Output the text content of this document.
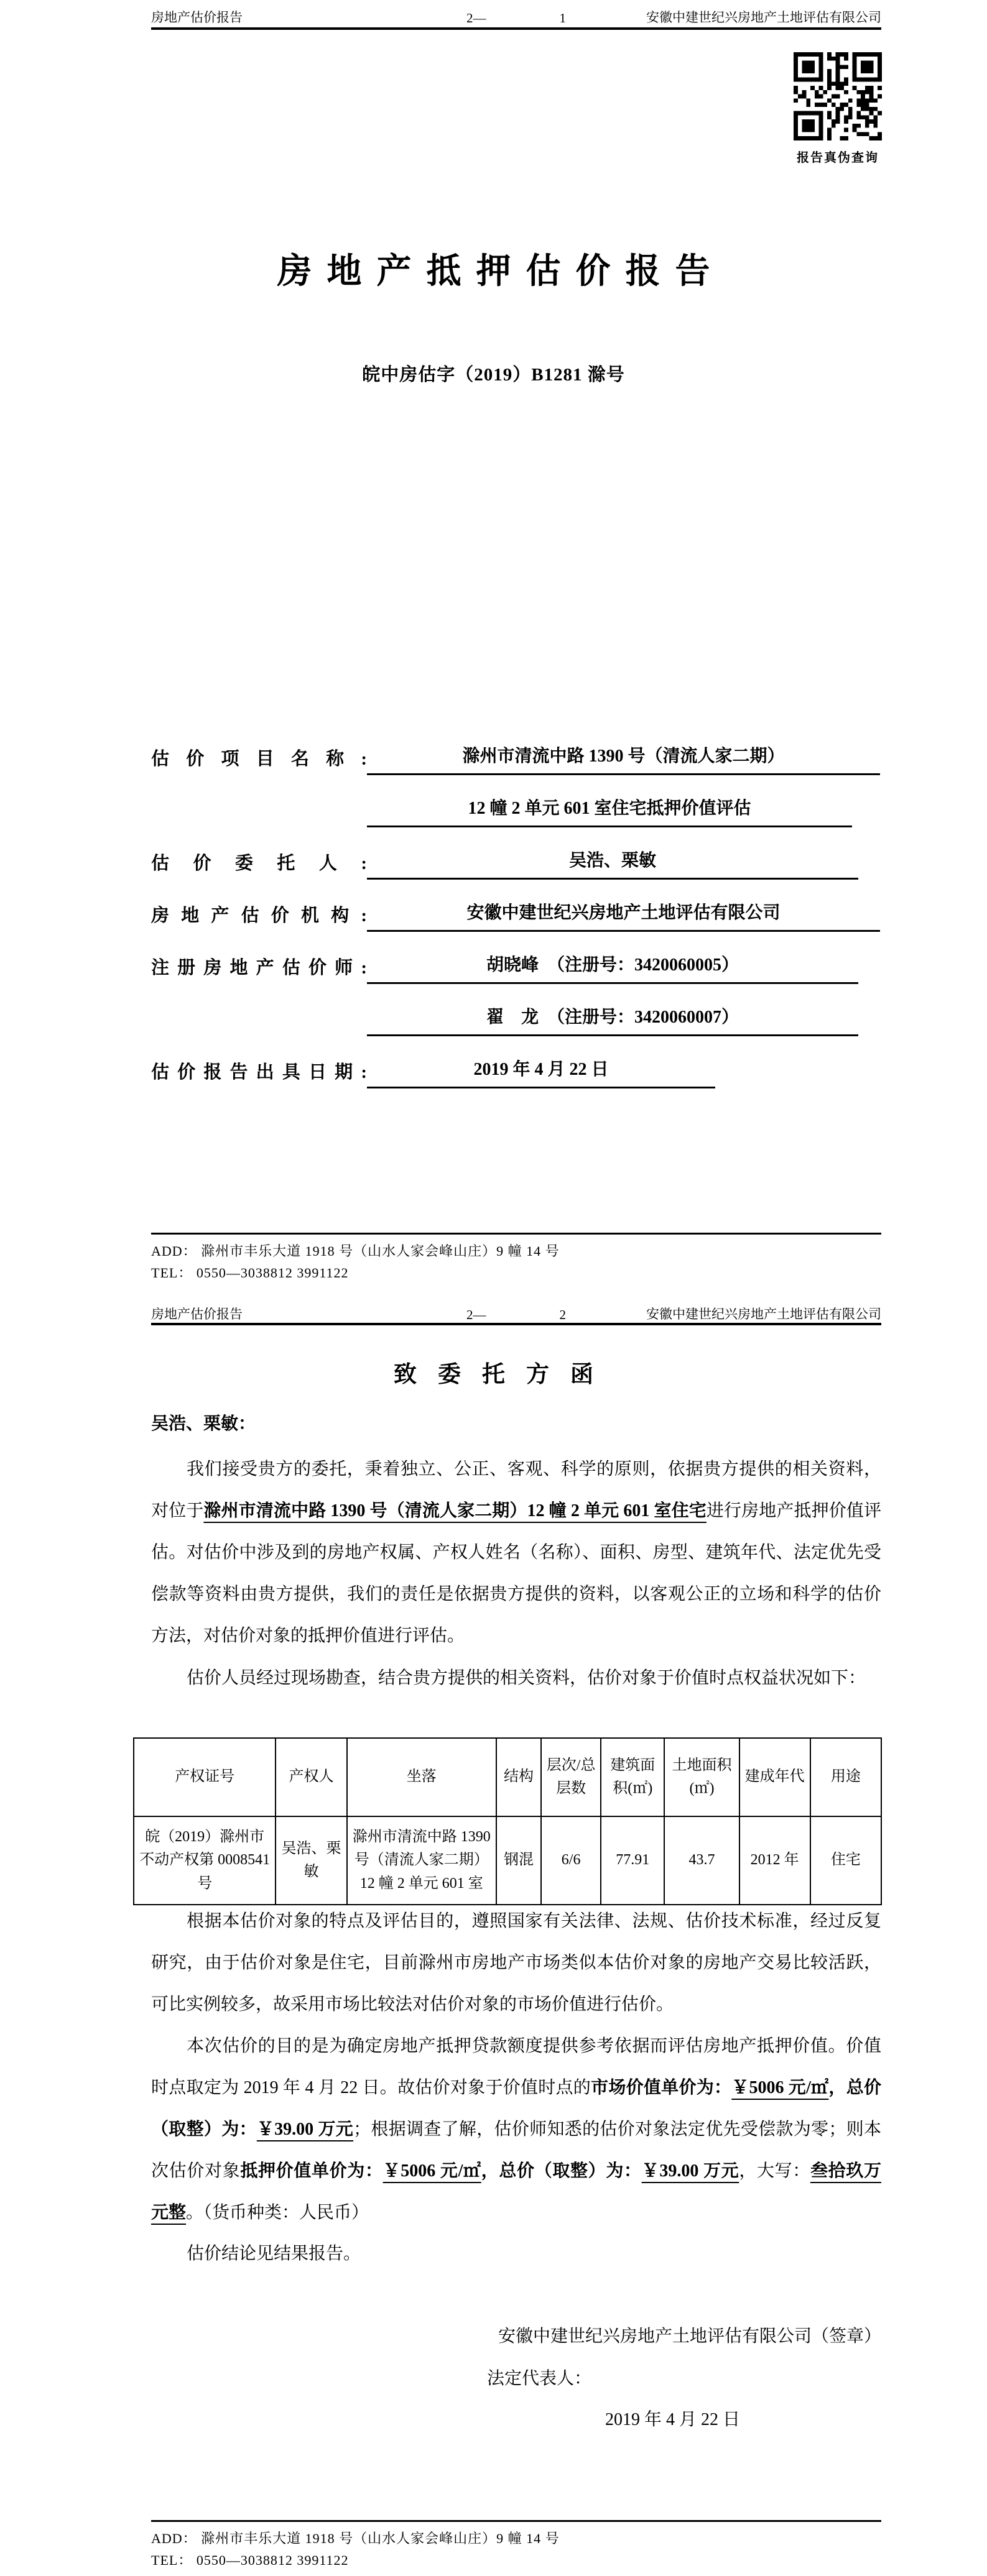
房地产估价报告	2—	1	安徽中建世纪兴房地产土地评估有限公司
报告真伪查询
房地产抵押估价报告
皖中房估字（2019）B1281 滁号
估价项目名称:	滁州市清流中路 1390 号（清流人家二期）
12 幢 2 单元 601 室住宅抵押价值评估
估价委托人:	吴浩、栗敏
房地产估价机构:	安徽中建世纪兴房地产土地评估有限公司
注册房地产估价师:	胡晓峰　（注册号：3420060005）
翟　龙　（注册号：3420060007）
估价报告出具日期:	2019 年 4 月 22 日
ADD： 滁州市丰乐大道 1918 号（山水人家会峰山庄）9 幢 14 号
TEL： 0550—3038812 3991122
房地产估价报告	2—	2	安徽中建世纪兴房地产土地评估有限公司
致委托方函
吴浩、栗敏：
我们接受贵方的委托，秉着独立、公正、客观、科学的原则，依据贵方提供的相关资料，对位于滁州市清流中路 1390 号（清流人家二期）12 幢 2 单元 601 室住宅进行房地产抵押价值评估。对估价中涉及到的房地产权属、产权人姓名（名称）、面积、房型、建筑年代、法定优先受偿款等资料由贵方提供，我们的责任是依据贵方提供的资料，以客观公正的立场和科学的估价方法，对估价对象的抵押价值进行评估。
估价人员经过现场勘查，结合贵方提供的相关资料，估价对象于价值时点权益状况如下：
产权证号	产权人	坐落	结构	层次/总层数	建筑面积(㎡)	土地面积(㎡)	建成年代	用途
皖（2019）滁州市不动产权第 0008541 号	吴浩、栗敏	滁州市清流中路 1390 号（清流人家二期）12 幢 2 单元 601 室	钢混	6/6	77.91	43.7	2012 年	住宅
根据本估价对象的特点及评估目的，遵照国家有关法律、法规、估价技术标准，经过反复研究，由于估价对象是住宅，目前滁州市房地产市场类似本估价对象的房地产交易比较活跃，可比实例较多，故采用市场比较法对估价对象的市场价值进行估价。
本次估价的目的是为确定房地产抵押贷款额度提供参考依据而评估房地产抵押价值。价值时点取定为 2019 年 4 月 22 日。故估价对象于价值时点的市场价值单价为：￥5006 元/㎡，总价（取整）为：￥39.00 万元；根据调查了解，估价师知悉的估价对象法定优先受偿款为零；则本次估价对象抵押价值单价为：￥5006 元/㎡，总价（取整）为：￥39.00 万元，大写：叁拾玖万元整。（货币种类：人民币）
估价结论见结果报告。
安徽中建世纪兴房地产土地评估有限公司（签章）
法定代表人：
2019 年 4 月 22 日
ADD： 滁州市丰乐大道 1918 号（山水人家会峰山庄）9 幢 14 号
TEL： 0550—3038812 3991122
